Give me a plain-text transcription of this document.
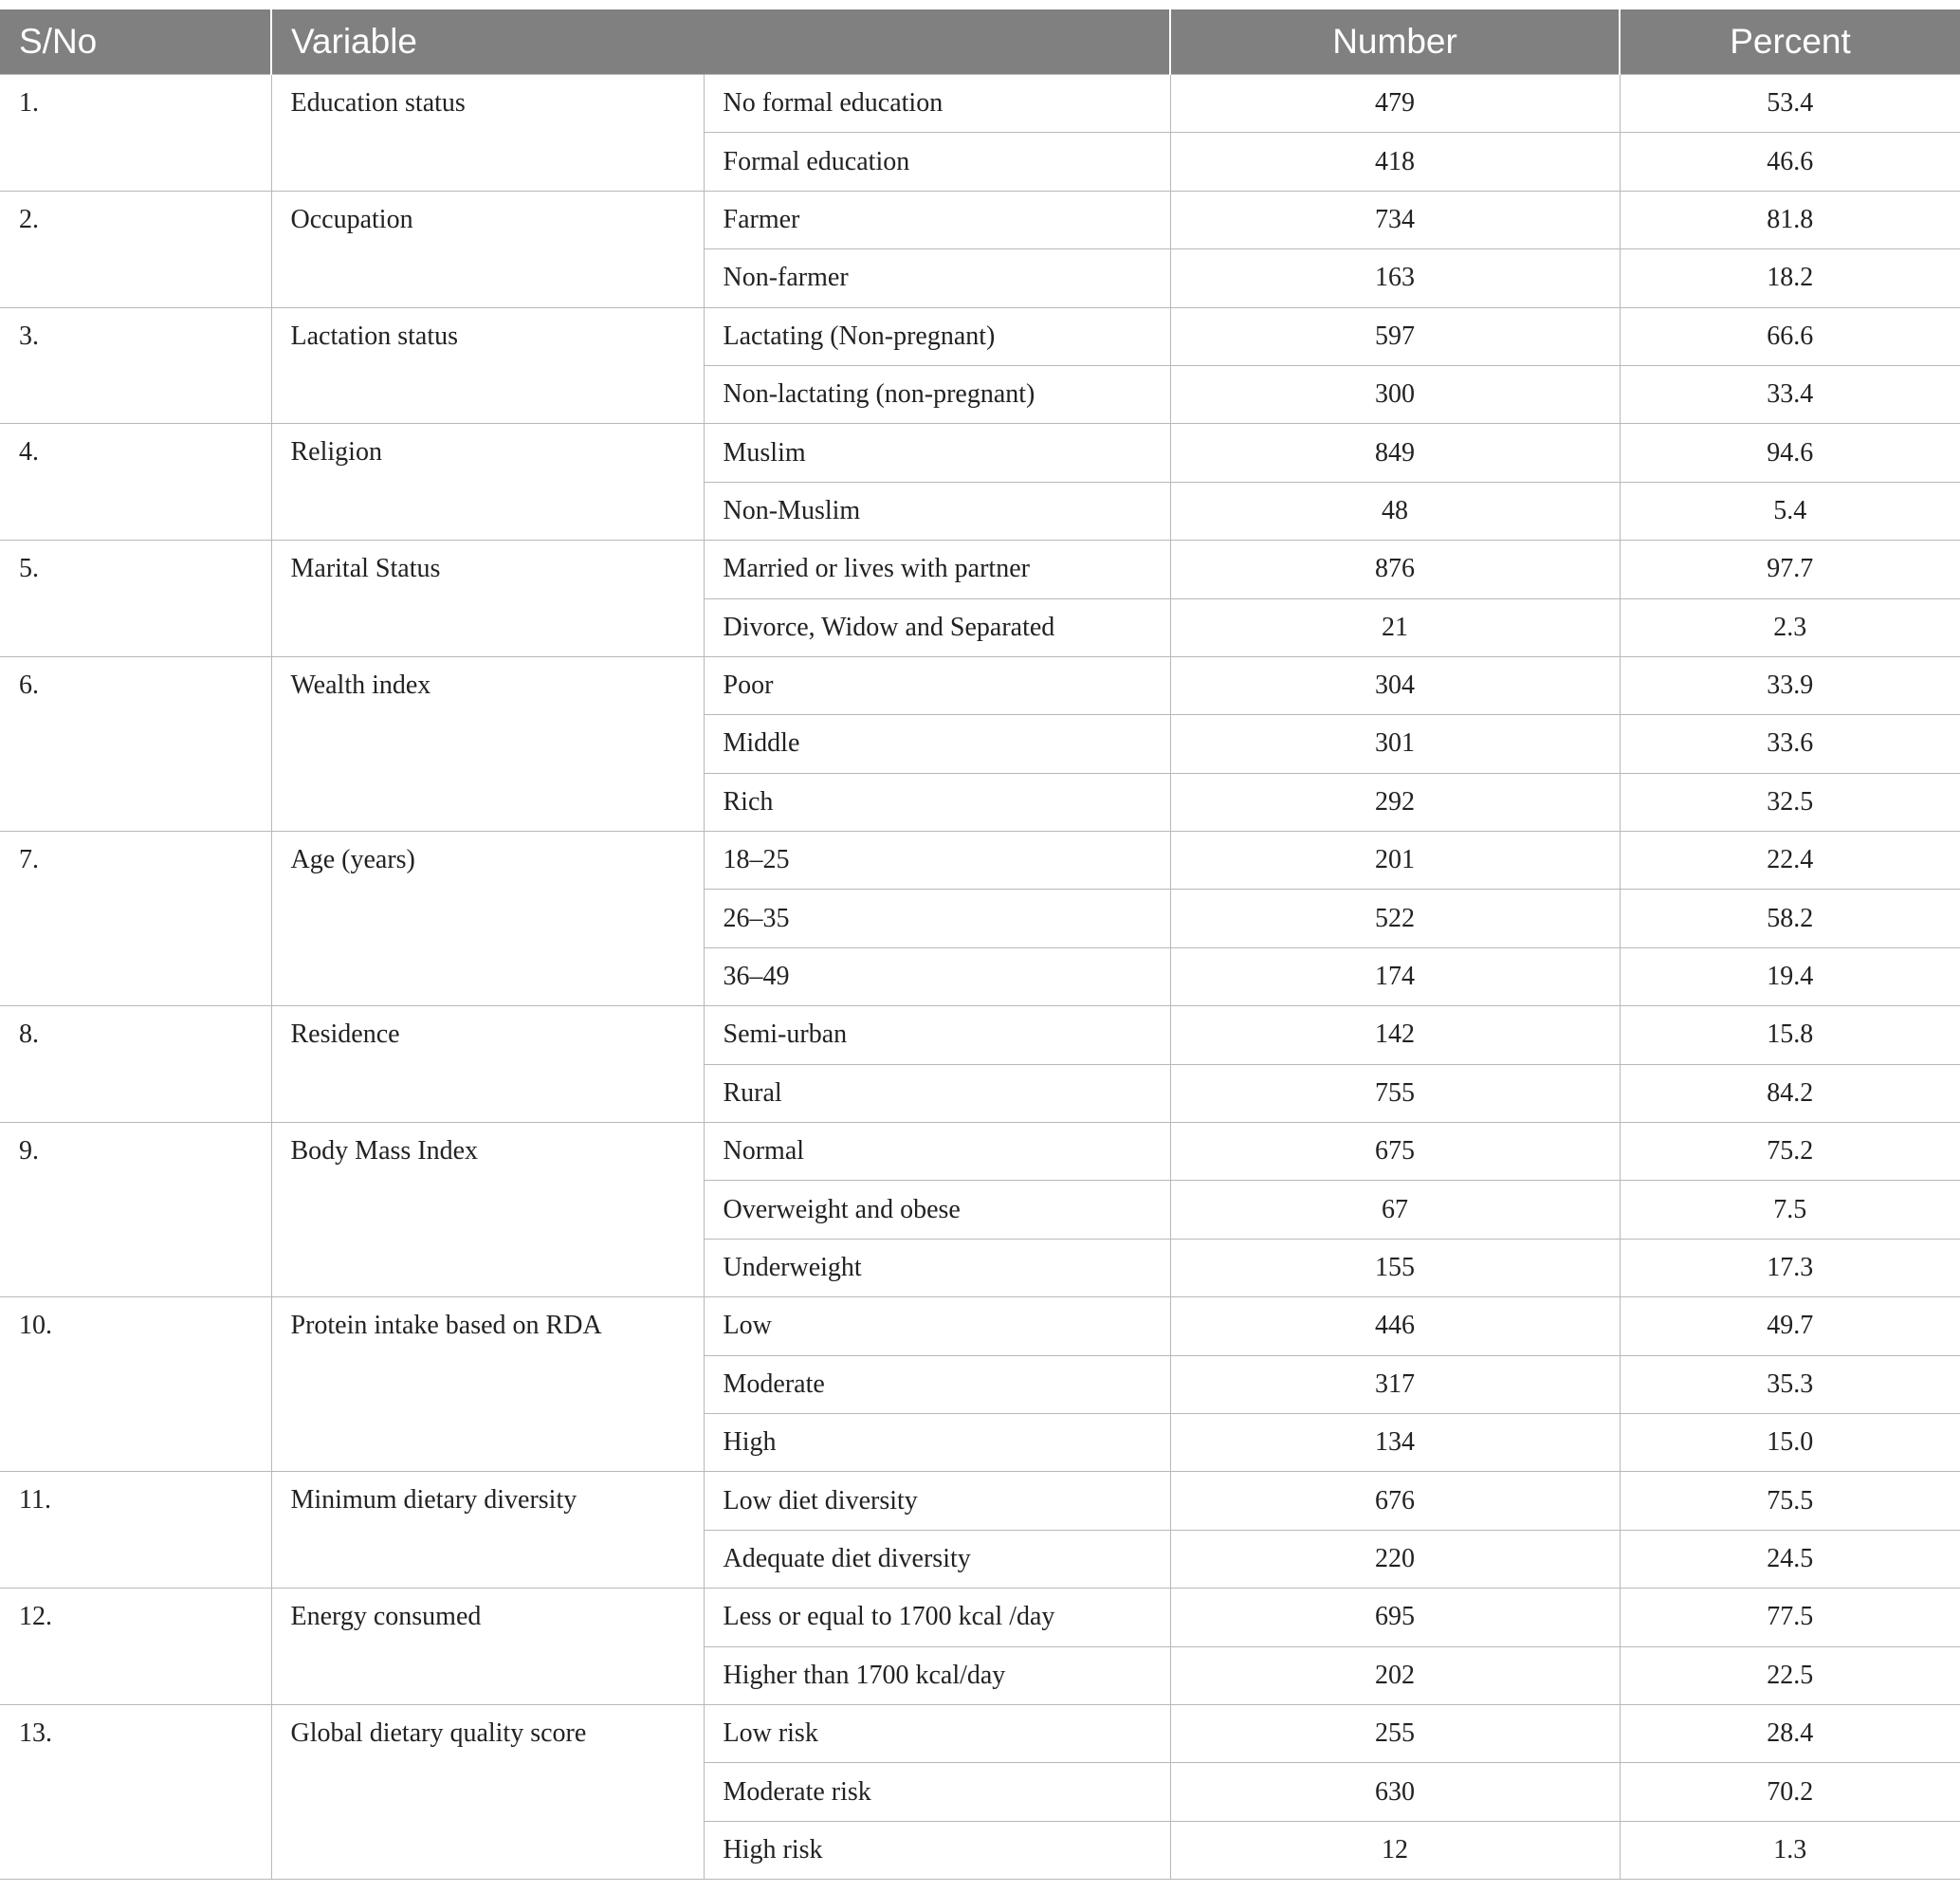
S/No	Variable		Number	Percent
1.	Education status	No formal education	479	53.4
		Formal education	418	46.6
2.	Occupation	Farmer	734	81.8
		Non-farmer	163	18.2
3.	Lactation status	Lactating (Non-pregnant)	597	66.6
		Non-lactating (non-pregnant)	300	33.4
4.	Religion	Muslim	849	94.6
		Non-Muslim	48	5.4
5.	Marital Status	Married or lives with partner	876	97.7
		Divorce, Widow and Separated	21	2.3
6.	Wealth index	Poor	304	33.9
		Middle	301	33.6
		Rich	292	32.5
7.	Age (years)	18–25	201	22.4
		26–35	522	58.2
		36–49	174	19.4
8.	Residence	Semi-urban	142	15.8
		Rural	755	84.2
9.	Body Mass Index	Normal	675	75.2
		Overweight and obese	67	7.5
		Underweight	155	17.3
10.	Protein intake based on RDA	Low	446	49.7
		Moderate	317	35.3
		High	134	15.0
11.	Minimum dietary diversity	Low diet diversity	676	75.5
		Adequate diet diversity	220	24.5
12.	Energy consumed	Less or equal to 1700 kcal /day	695	77.5
		Higher than 1700 kcal/day	202	22.5
13.	Global dietary quality score	Low risk	255	28.4
		Moderate risk	630	70.2
		High risk	12	1.3
